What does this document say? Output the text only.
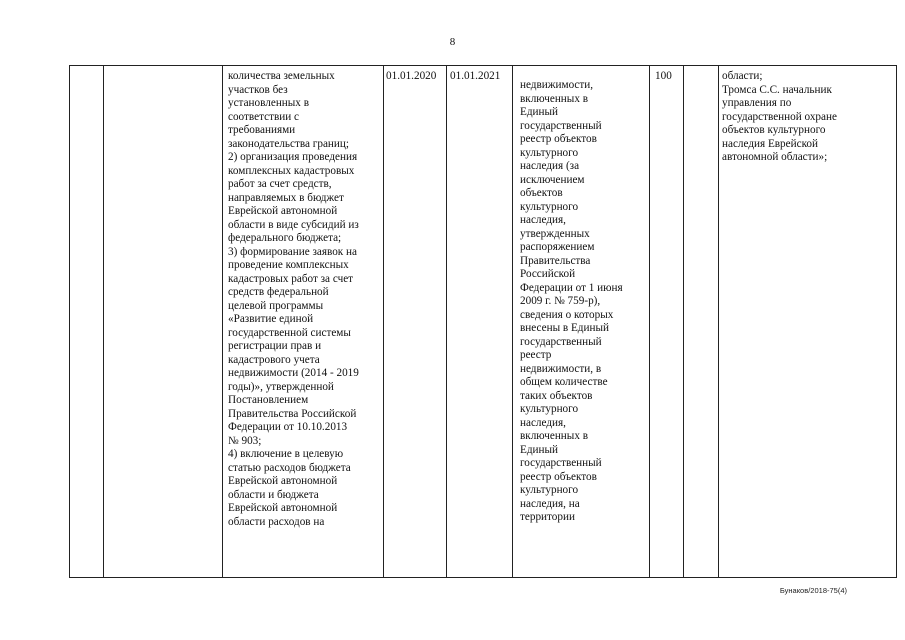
8

количества земельных
участков без
установленных в
соответствии с
требованиями
законодательства границ;
2) организация проведения
комплексных кадастровых
работ за счет средств,
направляемых в бюджет
Еврейской автономной
области в виде субсидий из
федерального бюджета;
3) формирование заявок на
проведение комплексных
кадастровых работ за счет
средств федеральной
целевой программы
«Развитие единой
государственной системы
регистрации прав и
кадастрового учета
недвижимости (2014 - 2019
годы)», утвержденной
Постановлением
Правительства Российской
Федерации от 10.10.2013
№ 903;
4) включение в целевую
статью расходов бюджета
Еврейской автономной
области и бюджета
Еврейской автономной
области расходов на

01.01.2020	01.01.2021

недвижимости,
включенных в
Единый
государственный
реестр объектов
культурного
наследия (за
исключением
объектов
культурного
наследия,
утвержденных
распоряжением
Правительства
Российской
Федерации от 1 июня
2009 г. № 759-р),
сведения о которых
внесены в Единый
государственный
реестр
недвижимости, в
общем количестве
таких объектов
культурного
наследия,
включенных в
Единый
государственный
реестр объектов
культурного
наследия, на
территории

100	области;
Тромса С.С. начальник
управления по
государственной охране
объектов культурного
наследия Еврейской
автономной области»;

Бунаков/2018-75(4)
